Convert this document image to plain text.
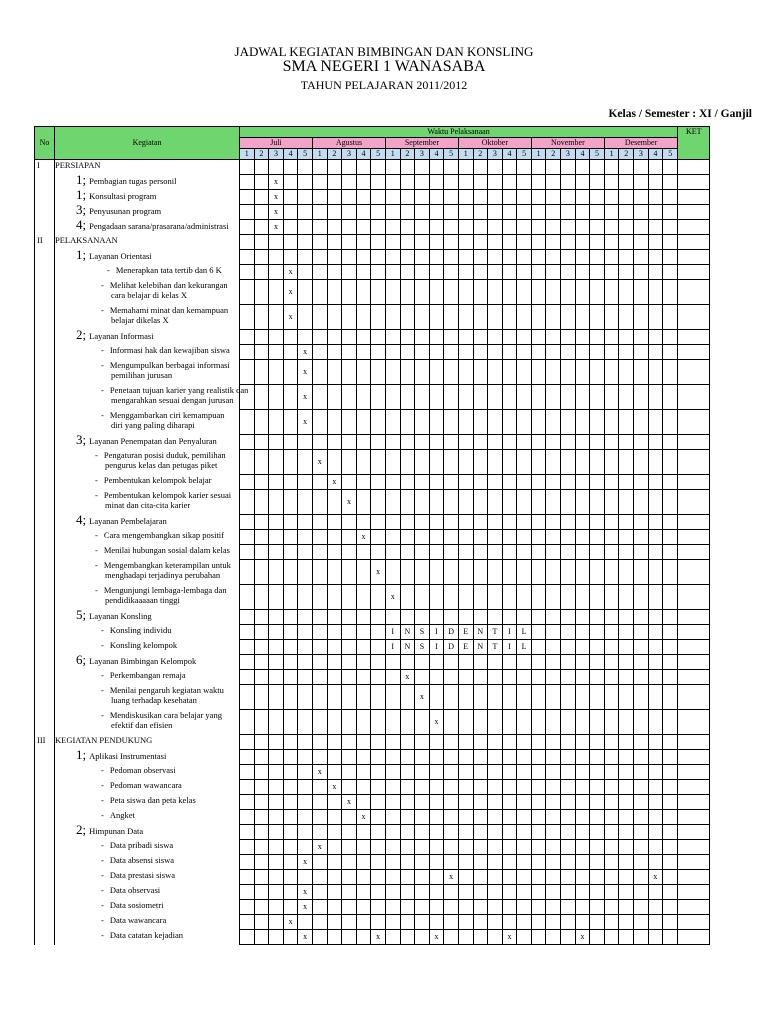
JADWAL KEGIATAN BIMBINGAN DAN KONSLING
SMA NEGERI 1 WANASABA
TAHUN PELAJARAN 2011/2012
Kelas / Semester : XI / Ganjil
No	Kegiatan	Waktu Pelaksanaan																														KET
		Juli					Agustus					September					Oktober					November					Desember					
		1	2	3	4	5	1	2	3	4	5	1	2	3	4	5	1	2	3	4	5	1	2	3	4	5	1	2	3	4	5	
I	PERSIAPAN																															

	1; Pembagian tugas personil			x																												

	1; Konsultasi program			x																												

	3; Penyusunan program			x																												

	4; Pengadaan sarana/prasarana/administrasi			x																												
II	PELAKSANAAN																															

	1; Layanan Orientasi																															

	- Menerapkan tata tertib dan 6 K				x																											

	- Melihat kelebihan dan kekurangan
cara belajar di kelas X				x																											

	- Memahami minat dan kemampuan
belajar dikelas X				x																											

	2; Layanan Informasi																															

	- Informasi hak dan kewajiban siswa					x																										

	- Mengumpulkan berbagai informasi
pemilihan jurusan					x																										

	- Penetaan tujuan karier yang realistik dan
mengarahkan sesuai dengan jurusan					x																										

	- Menggambarkan ciri kemampuan
diri yang paling diharapi					x																										

	3; Layanan Penempatan dan Penyaluran																															

	- Pengaturan posisi duduk, pemilihan
pengurus kelas dan petugas piket						x																									

	- Pembentukan kelompok belajar							x																								

	- Pembentukan kelompok karier sesuai
minat dan cita-cita karier								x																							

	4; Layanan Pembelajaran																															

	- Cara mengembangkan sikap positif									x																						

	- Menilai hubungan sosial dalam kelas																															

	- Mengembangkan keterampilan untuk
menghadapi terjadinya perubahan										x																					

	- Mengunjungi lembaga-lembaga dan
pendidikaaaaan tinggi											x																				

	5; Layanan Konsling																															

	- Konsling individu											I	N	S	I	D	E	N	T	I	L											

	- Konsling kelompok											I	N	S	I	D	E	N	T	I	L											

	6; Layanan Bimbingan Kelompok																															

	- Perkembangan remaja												x																			

	- Menilai pengaruh kegiatan waktu
luang terhadap kesehatan													x																		

	- Mendiskusikan cara belajar yang
efektif dan efisien														x																	
III	KEGIATAN PENDUKUNG																															

	1; Aplikasi Instrumentasi																															

	- Pedoman observasi						x																									

	- Pedoman wawancara							x																								

	- Peta siswa dan peta kelas								x																							

	- Angket									x																						

	2; Himpunan Data																															

	- Data pribadi siswa						x																									

	- Data absensi siswa					x																										

	- Data prestasi siswa															x														x		

	- Data observasi					x																										

	- Data sosiometri					x																										

	- Data wawancara				x																											

	- Data catatan kejadian					x					x				x					x					x							
